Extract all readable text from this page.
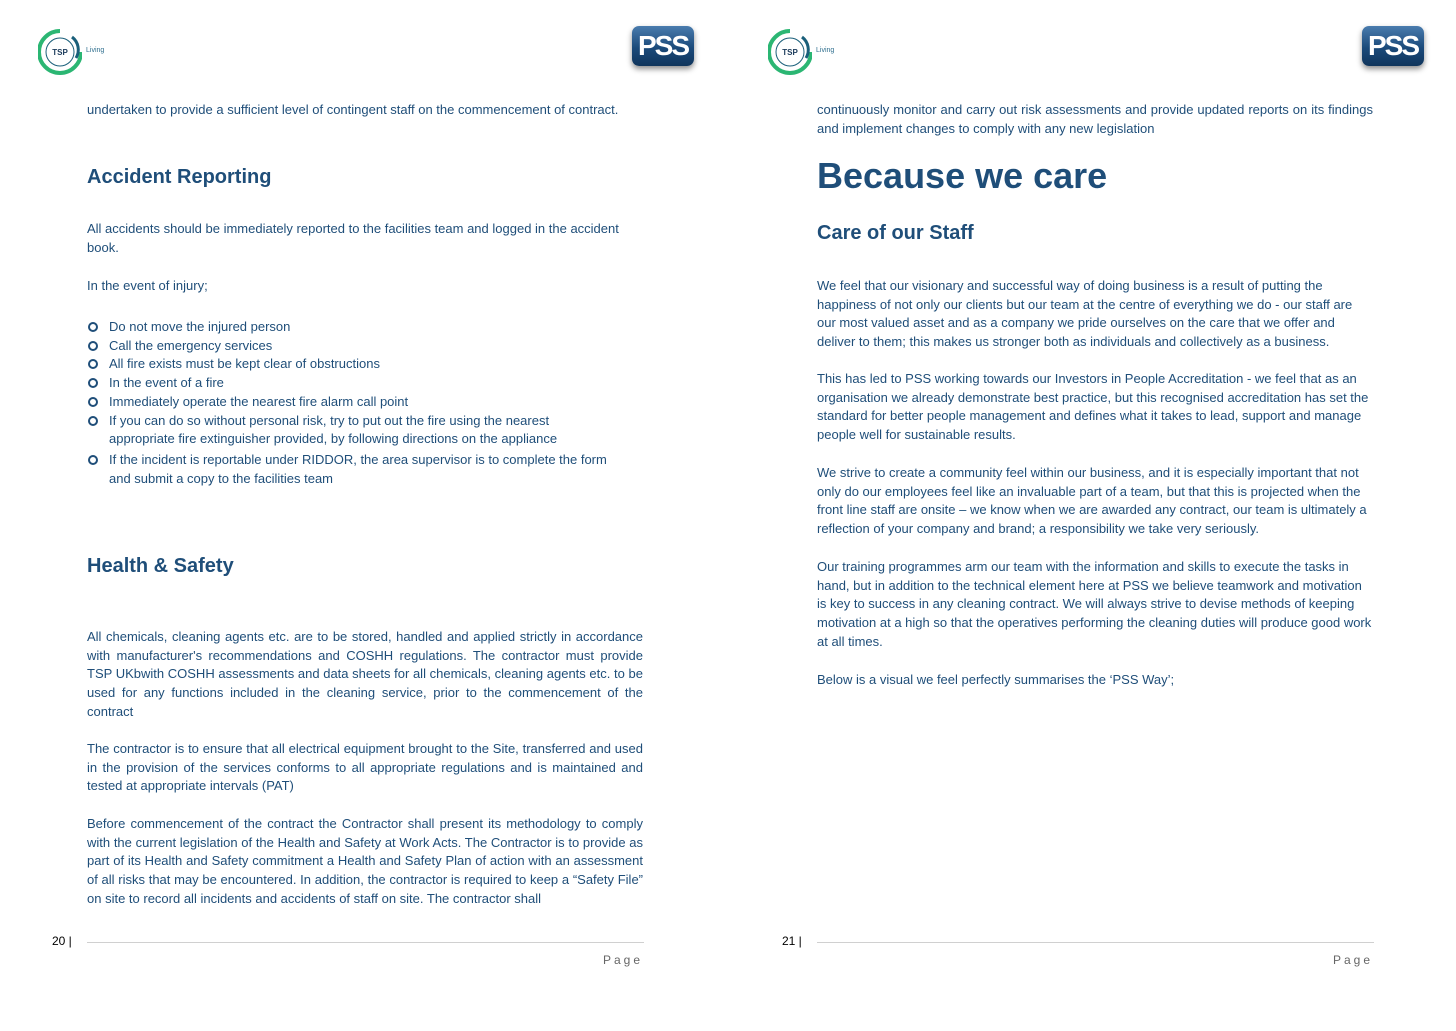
TSP	Living	PSS

undertaken to provide a sufficient level of contingent staff on the commencement of contract.

Accident Reporting

All accidents should be immediately reported to the facilities team and logged in the accident book.

In the event of injury;

Do not move the injured person
Call the emergency services
All fire exists must be kept clear of obstructions
In the event of a fire
Immediately operate the nearest fire alarm call point
If you can do so without personal risk, try to put out the fire using the nearest appropriate fire extinguisher provided, by following directions on the appliance
If the incident is reportable under RIDDOR, the area supervisor is to complete the form and submit a copy to the facilities team
Health & Safety

All chemicals, cleaning agents etc. are to be stored, handled and applied strictly in accordance with manufacturer's recommendations and COSHH regulations. The contractor must provide TSP UKbwith COSHH assessments and data sheets for all chemicals, cleaning agents etc. to be used for any functions included in the cleaning service, prior to the commencement of the contract

The contractor is to ensure that all electrical equipment brought to the Site, transferred and used in the provision of the services conforms to all appropriate regulations and is maintained and tested at appropriate intervals (PAT)

Before commencement of the contract the Contractor shall present its methodology to comply with the current legislation of the Health and Safety at Work Acts. The Contractor is to provide as part of its Health and Safety commitment a Health and Safety Plan of action with an assessment of all risks that may be encountered. In addition, the contractor is required to keep a “Safety File” on site to record all incidents and accidents of staff on site. The contractor shall

20 |
Page
TSP	Living	PSS

continuously monitor and carry out risk assessments and provide updated reports on its findings and implement changes to comply with any new legislation

Because we care
Care of our Staff

We feel that our visionary and successful way of doing business is a result of putting the happiness of not only our clients but our team at the centre of everything we do - our staff are our most valued asset and as a company we pride ourselves on the care that we offer and deliver to them; this makes us stronger both as individuals and collectively as a business.

This has led to PSS working towards our Investors in People Accreditation - we feel that as an organisation we already demonstrate best practice, but this recognised accreditation has set the standard for better people management and defines what it takes to lead, support and manage people well for sustainable results.

We strive to create a community feel within our business, and it is especially important that not only do our employees feel like an invaluable part of a team, but that this is projected when the front line staff are onsite – we know when we are awarded any contract, our team is ultimately a reflection of your company and brand; a responsibility we take very seriously.

Our training programmes arm our team with the information and skills to execute the tasks in hand, but in addition to the technical element here at PSS we believe teamwork and motivation is key to success in any cleaning contract. We will always strive to devise methods of keeping motivation at a high so that the operatives performing the cleaning duties will produce good work at all times.

Below is a visual we feel perfectly summarises the ‘PSS Way’;

21 |
Page
